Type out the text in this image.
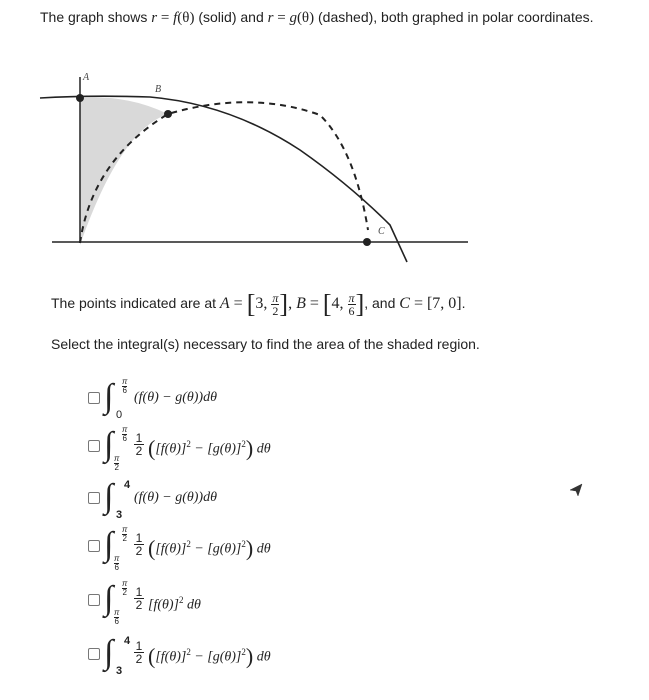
The graph shows r = f(θ) (solid) and r = g(θ) (dashed), both graphed in polar coordinates.
A
B
C
The points indicated are at A = [3, $\frac{\pi}{2}$ ], B = [4, $\frac{\pi}{6}$ ], and C = [7, 0].
Select the integral(s) necessary to find the area of the shaded region.
∫ $\frac{\pi}{6}$
0
(f(θ) − g(θ))dθ
∫ $\frac{\pi}{6}$
$\frac{\pi}{2}$
$\frac{1}{2} ([f(\theta)]^2 - [g(\theta)]^2)$ dθ
∫ 4
3
(f(θ) − g(θ))dθ
∫ $\frac{\pi}{2}$
$\frac{\pi}{6}$
$\frac{1}{2} ([f(\theta)]^2 - [g(\theta)]^2)$ dθ
∫ $\frac{\pi}{2}$
$\frac{\pi}{6}$
$\frac{1}{2} [f(\theta)]^2$ dθ
∫ 4
3
$\frac{1}{2} ([f(\theta)]^2 - [g(\theta)]^2)$ dθ
